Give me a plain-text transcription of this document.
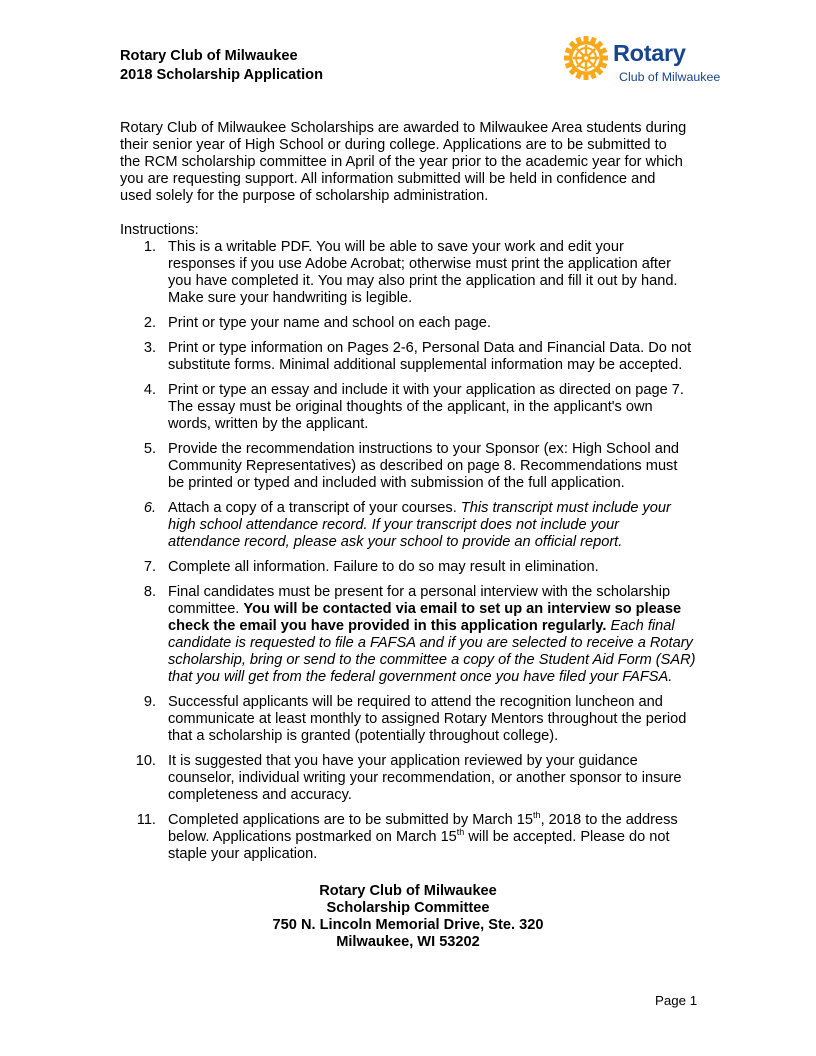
Rotary Club of Milwaukee
2018 Scholarship Application
Rotary
Club of Milwaukee
Rotary Club of Milwaukee Scholarships are awarded to Milwaukee Area students during
their senior year of High School or during college. Applications are to be submitted to
the RCM scholarship committee in April of the year prior to the academic year for which
you are requesting support. All information submitted will be held in confidence and
used solely for the purpose of scholarship administration.
Instructions:
1. This is a writable PDF. You will be able to save your work and edit your
responses if you use Adobe Acrobat; otherwise must print the application after
you have completed it. You may also print the application and fill it out by hand.
Make sure your handwriting is legible.
2. Print or type your name and school on each page.
3. Print or type information on Pages 2-6, Personal Data and Financial Data. Do not
substitute forms. Minimal additional supplemental information may be accepted.
4. Print or type an essay and include it with your application as directed on page 7.
The essay must be original thoughts of the applicant, in the applicant's own
words, written by the applicant.
5. Provide the recommendation instructions to your Sponsor (ex: High School and
Community Representatives) as described on page 8. Recommendations must
be printed or typed and included with submission of the full application.
6. Attach a copy of a transcript of your courses. This transcript must include your
high school attendance record. If your transcript does not include your
attendance record, please ask your school to provide an official report.
7. Complete all information. Failure to do so may result in elimination.
8. Final candidates must be present for a personal interview with the scholarship
committee. You will be contacted via email to set up an interview so please
check the email you have provided in this application regularly. Each final
candidate is requested to file a FAFSA and if you are selected to receive a Rotary
scholarship, bring or send to the committee a copy of the Student Aid Form (SAR)
that you will get from the federal government once you have filed your FAFSA.
9. Successful applicants will be required to attend the recognition luncheon and
communicate at least monthly to assigned Rotary Mentors throughout the period
that a scholarship is granted (potentially throughout college).
10. It is suggested that you have your application reviewed by your guidance
counselor, individual writing your recommendation, or another sponsor to insure
completeness and accuracy.
11. Completed applications are to be submitted by March 15th, 2018 to the address
below. Applications postmarked on March 15th will be accepted. Please do not
staple your application.
Rotary Club of Milwaukee
Scholarship Committee
750 N. Lincoln Memorial Drive, Ste. 320
Milwaukee, WI 53202
Page 1
